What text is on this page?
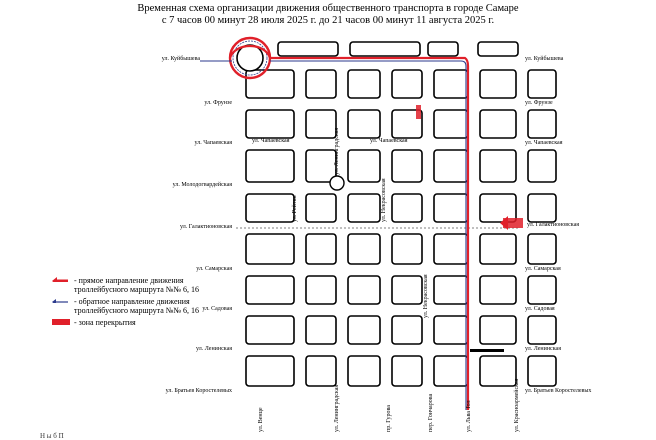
Временная схема организации движения общественного транспорта в городе Самаре
с 7 часов 00 минут 28 июля 2025 г. до 21 часов 00 минут 11 августа 2025 г.
ул. Куйбышева	ул. Куйбышева
ул. Фрунзе	ул. Фрунзе
ул. Чапаевская	ул. Чапаевская	ул. Чапаевская	ул. Чапаевская
ул. Молодогвардейская
ул. Галактионовская	ул. Галактионовская
ул. Самарская	ул. Самарская
ул. Садовая	ул. Садовая
ул. Ленинская	ул. Ленинская
ул. Братьев Коростелевых	ул. Братьев Коростелевых
ул. Ленинградская
ул. Рейтки	ул. Некрасовская
ул. Некрасовская
ул. Венце	ул. Ленинградская	пр. Гурова	пер. Гончарова	ул. Льва Тол	ул. Красноармейская
- прямое направление движения
троллейбусного маршрута №№ 6, 16
- обратное направление движения
троллейбусного маршрута №№ 6, 16
- зона перекрытия
Н ы б П
